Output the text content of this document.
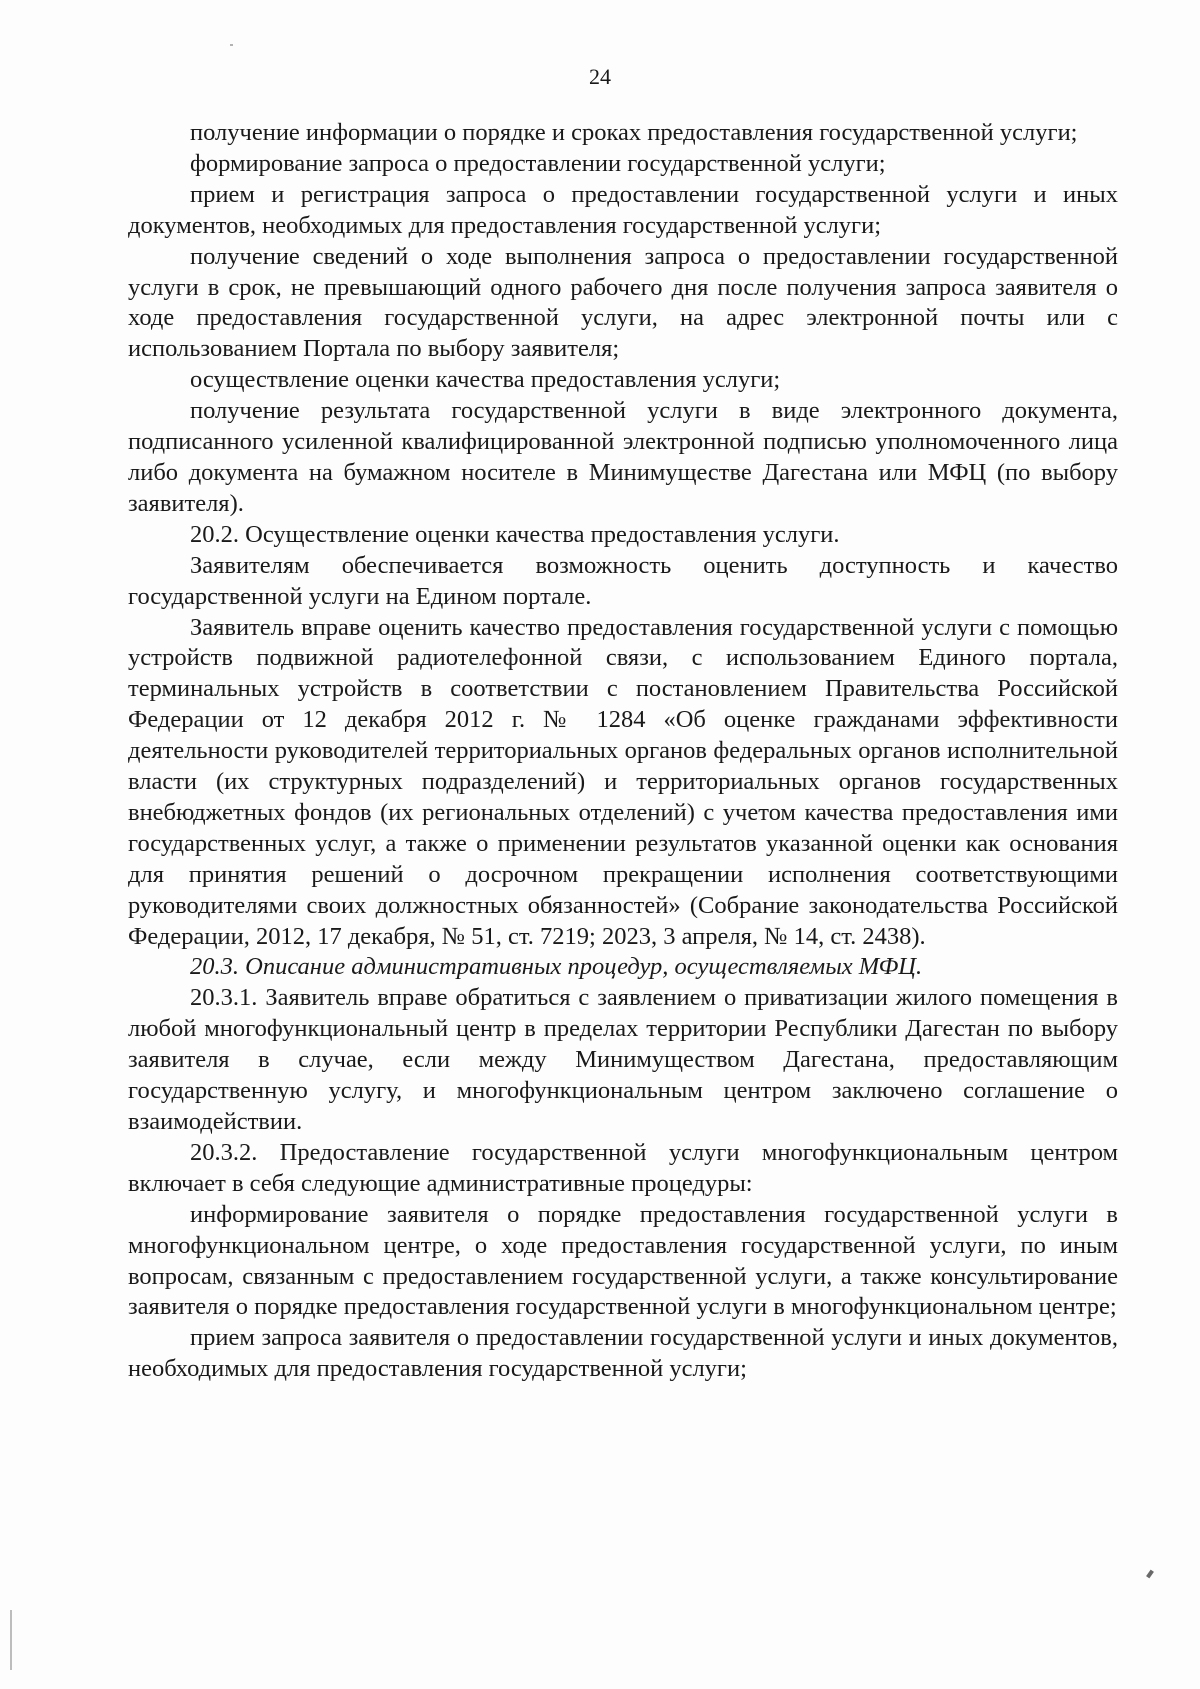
24

получение информации о порядке и сроках предоставления государственной услуги;

формирование запроса о предоставлении государственной услуги;

прием и регистрация запроса о предоставлении государственной услуги и иных документов, необходимых для предоставления государственной услуги;

получение сведений о ходе выполнения запроса о предоставлении государственной услуги в срок, не превышающий одного рабочего дня после получения запроса заявителя о ходе предоставления государственной услуги, на адрес электронной почты или с использованием Портала по выбору заявителя;

осуществление оценки качества предоставления услуги;

получение результата государственной услуги в виде электронного документа, подписанного усиленной квалифицированной электронной подписью уполномоченного лица либо документа на бумажном носителе в Минимуществе Дагестана или МФЦ (по выбору заявителя).

20.2. Осуществление оценки качества предоставления услуги.

Заявителям обеспечивается возможность оценить доступность и качество государственной услуги на Едином портале.

Заявитель вправе оценить качество предоставления государственной услуги с помощью устройств подвижной радиотелефонной связи, с использованием Единого портала, терминальных устройств в соответствии с постановлением Правительства Российской Федерации от 12 декабря 2012 г. № 1284 «Об оценке гражданами эффективности деятельности руководителей территориальных органов федеральных органов исполнительной власти (их структурных подразделений) и территориальных органов государственных внебюджетных фондов (их региональных отделений) с учетом качества предоставления ими государственных услуг, а также о применении результатов указанной оценки как основания для принятия решений о досрочном прекращении исполнения соответствующими руководителями своих должностных обязанностей» (Собрание законодательства Российской Федерации, 2012, 17 декабря, № 51, ст. 7219; 2023, 3 апреля, № 14, ст. 2438).

20.3. Описание административных процедур, осуществляемых МФЦ.

20.3.1. Заявитель вправе обратиться с заявлением о приватизации жилого помещения в любой многофункциональный центр в пределах территории Республики Дагестан по выбору заявителя в случае, если между Минимуществом Дагестана, предоставляющим государственную услугу, и многофункциональным центром заключено соглашение о взаимодействии.

20.3.2. Предоставление государственной услуги многофункциональным центром включает в себя следующие административные процедуры:

информирование заявителя о порядке предоставления государственной услуги в многофункциональном центре, о ходе предоставления государственной услуги, по иным вопросам, связанным с предоставлением государственной услуги, а также консультирование заявителя о порядке предоставления государственной услуги в многофункциональном центре;

прием запроса заявителя о предоставлении государственной услуги и иных документов, необходимых для предоставления государственной услуги;
